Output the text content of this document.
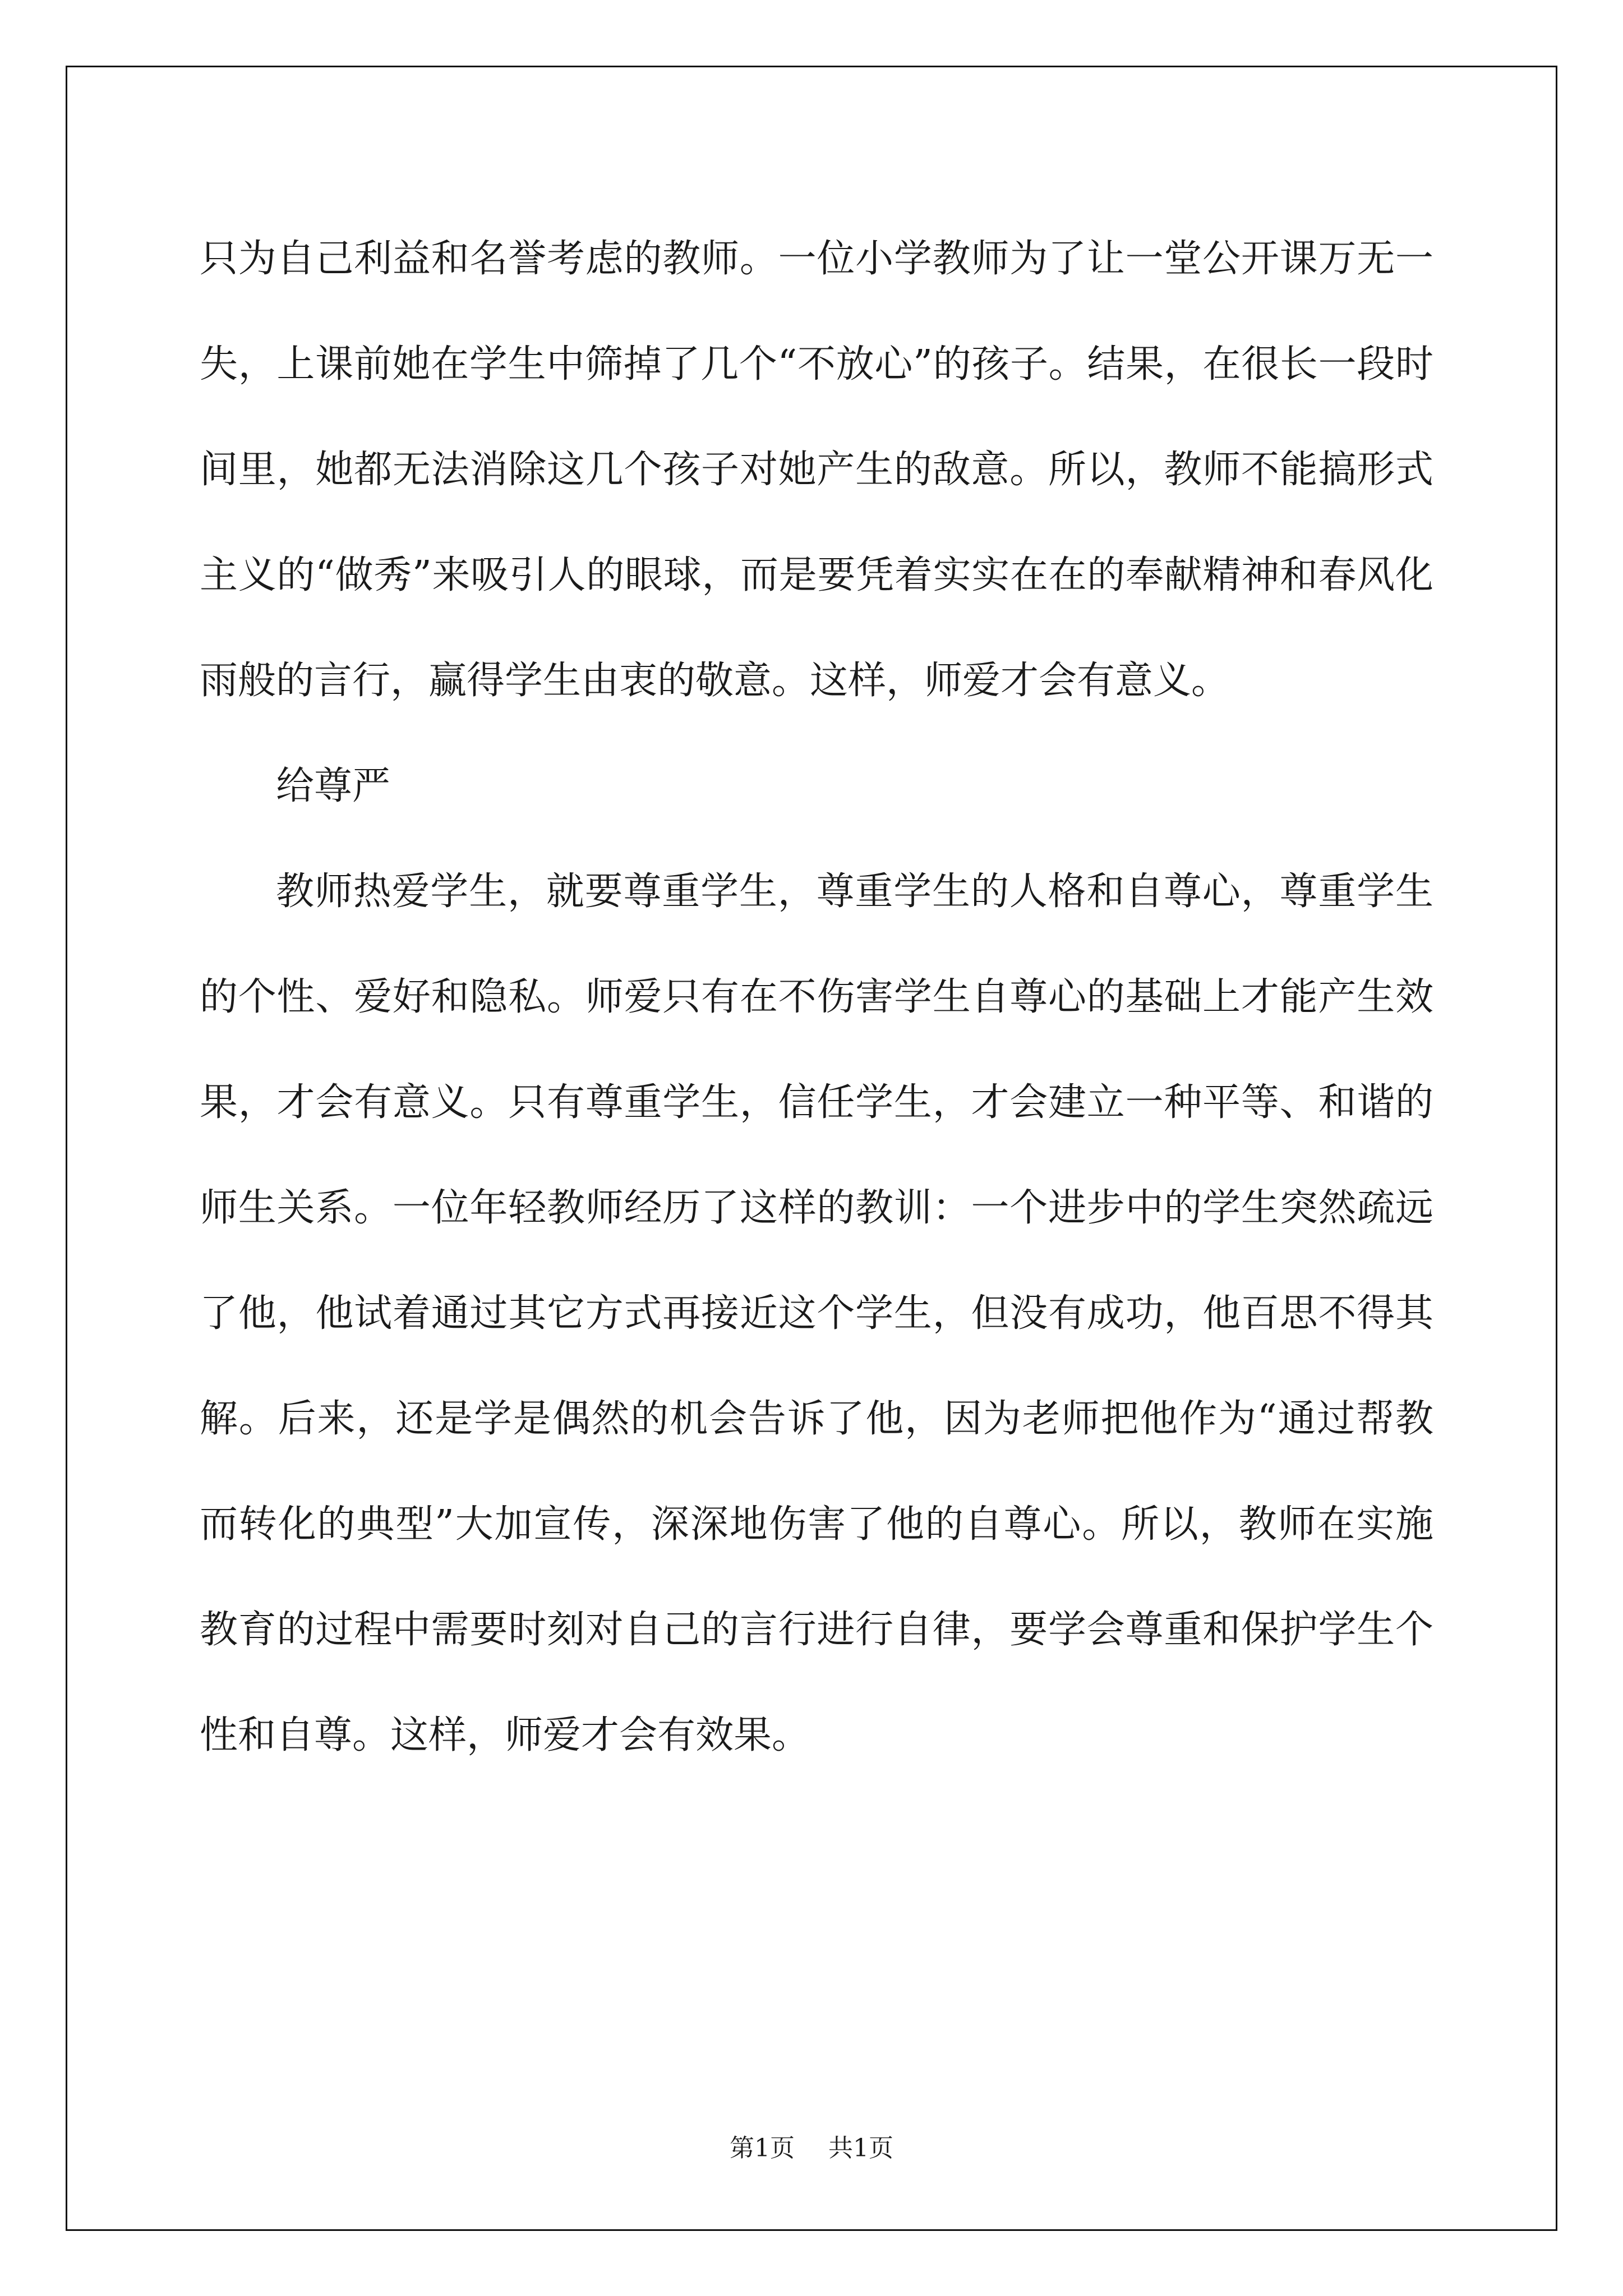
只为自己利益和名誉考虑的教师。一位小学教师为了让一堂公开课万无一失，上课前她在学生中筛掉了几个“不放心”的孩子。结果，在很长一段时间里，她都无法消除这几个孩子对她产生的敌意。所以，教师不能搞形式主义的“做秀”来吸引人的眼球，而是要凭着实实在在的奉献精神和春风化雨般的言行，赢得学生由衷的敬意。这样，师爱才会有意义。

给尊严

教师热爱学生，就要尊重学生，尊重学生的人格和自尊心，尊重学生的个性、爱好和隐私。师爱只有在不伤害学生自尊心的基础上才能产生效果，才会有意义。只有尊重学生，信任学生，才会建立一种平等、和谐的师生关系。一位年轻教师经历了这样的教训：一个进步中的学生突然疏远了他，他试着通过其它方式再接近这个学生，但没有成功，他百思不得其解。后来，还是学是偶然的机会告诉了他，因为老师把他作为“通过帮教而转化的典型”大加宣传，深深地伤害了他的自尊心。所以，教师在实施教育的过程中需要时刻对自己的言行进行自律，要学会尊重和保护学生个性和自尊。这样，师爱才会有效果。

第1页 共1页
